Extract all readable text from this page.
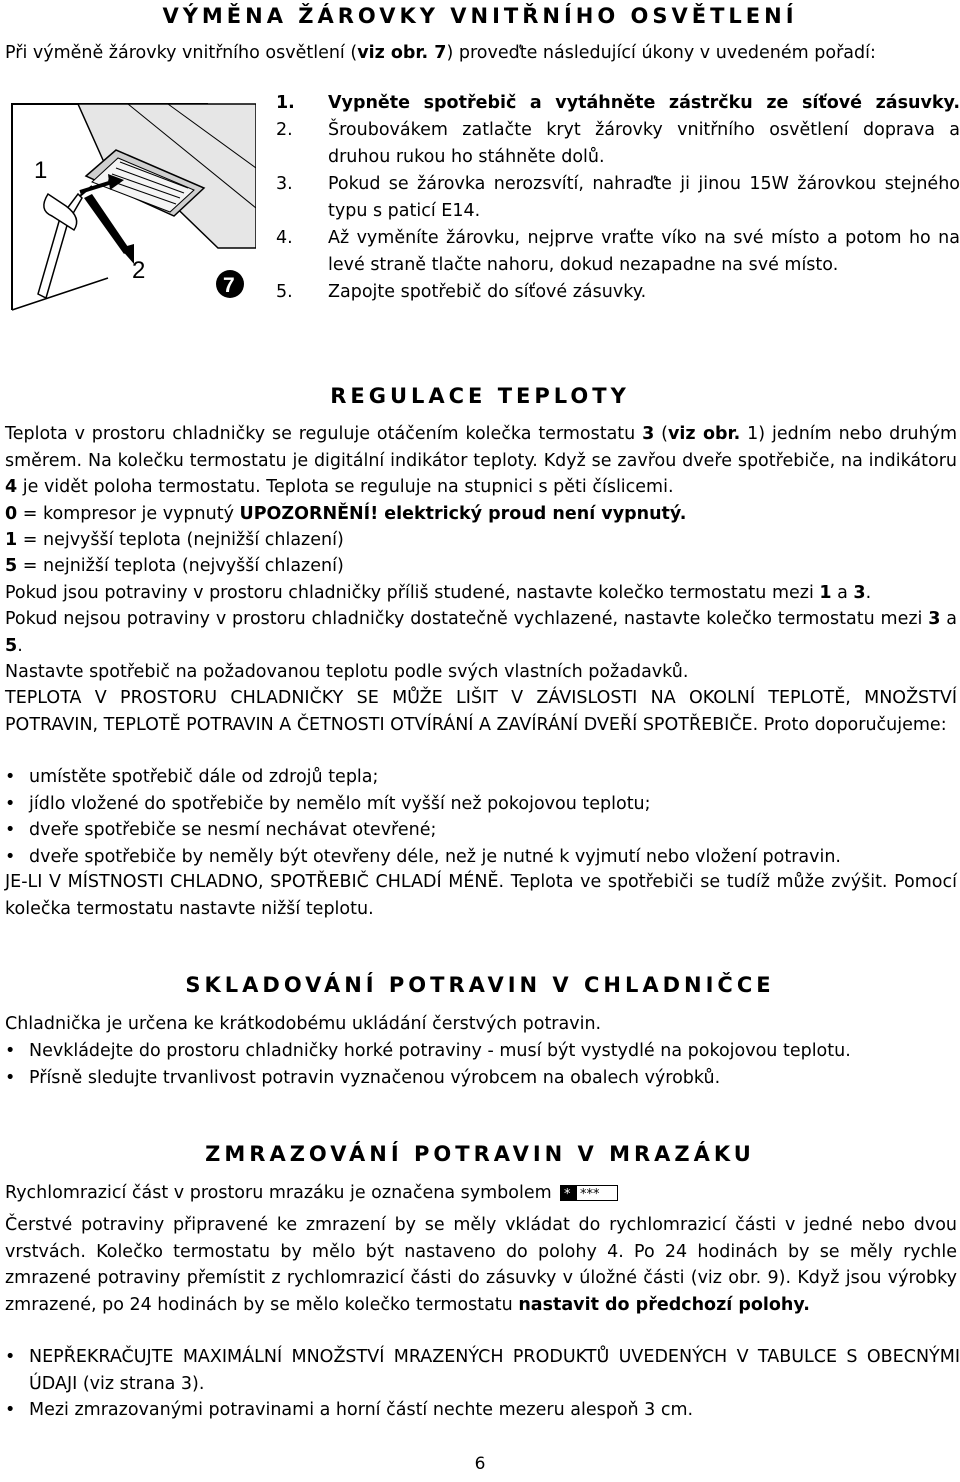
VÝMĚNA ŽÁROVKY VNITŘNÍHO OSVĚTLENÍ

Při výměně žárovky vnitřního osvětlení (viz obr. 7) proveďte následující úkony v uvedeném pořadí:

1
2
7
1. Vypněte spotřebič a vytáhněte zástrčku ze síťové zásuvky.
2. Šroubovákem zatlačte kryt žárovky vnitřního osvětlení doprava a druhou rukou ho stáhněte dolů.
3. Pokud se žárovka nerozsvítí, nahraďte ji jinou 15W žárovkou stejného typu s paticí E14.
4. Až vyměníte žárovku, nejprve vraťte víko na své místo a potom ho na levé straně tlačte nahoru, dokud nezapadne na své místo.
5. Zapojte spotřebič do síťové zásuvky.
REGULACE TEPLOTY

Teplota v prostoru chladničky se reguluje otáčením kolečka termostatu 3 (viz obr. 1) jedním nebo druhým směrem. Na kolečku termostatu je digitální indikátor teploty. Když se zavřou dveře spotřebiče, na indikátoru 4 je vidět poloha termostatu. Teplota se reguluje na stupnici s pěti číslicemi.

0 = kompresor je vypnutý UPOZORNĚNÍ! elektrický proud není vypnutý.

1 = nejvyšší teplota (nejnižší chlazení)

5 = nejnižší teplota (nejvyšší chlazení)

Pokud jsou potraviny v prostoru chladničky příliš studené, nastavte kolečko termostatu mezi 1 a 3.

Pokud nejsou potraviny v prostoru chladničky dostatečně vychlazené, nastavte kolečko termostatu mezi 3 a 5.

Nastavte spotřebič na požadovanou teplotu podle svých vlastních požadavků.

TEPLOTA V PROSTORU CHLADNIČKY SE MŮŽE LIŠIT V ZÁVISLOSTI NA OKOLNÍ TEPLOTĚ, MNOŽSTVÍ POTRAVIN, TEPLOTĚ POTRAVIN A ČETNOSTI OTVÍRÁNÍ A ZAVÍRÁNÍ DVEŘÍ SPOTŘEBIČE. Proto doporučujeme:

• umístěte spotřebič dále od zdrojů tepla;
• jídlo vložené do spotřebiče by nemělo mít vyšší než pokojovou teplotu;
• dveře spotřebiče se nesmí nechávat otevřené;
• dveře spotřebiče by neměly být otevřeny déle, než je nutné k vyjmutí nebo vložení potravin.

JE-LI V MÍSTNOSTI CHLADNO, SPOTŘEBIČ CHLADÍ MÉNĚ. Teplota ve spotřebiči se tudíž může zvýšit. Pomocí kolečka termostatu nastavte nižší teplotu.

SKLADOVÁNÍ POTRAVIN V CHLADNIČCE

Chladnička je určena ke krátkodobému ukládání čerstvých potravin.

• Nevkládejte do prostoru chladničky horké potraviny - musí být vystydlé na pokojovou teplotu.
• Přísně sledujte trvanlivost potravin vyznačenou výrobcem na obalech výrobků.
ZMRAZOVÁNÍ POTRAVIN V MRAZÁKU

Rychlomrazicí část v prostoru mrazáku je označena symbolem * ***

Čerstvé potraviny připravené ke zmrazení by se měly vkládat do rychlomrazicí části v jedné nebo dvou vrstvách. Kolečko termostatu by mělo být nastaveno do polohy 4. Po 24 hodinách by se měly rychle zmrazené potraviny přemístit z rychlomrazicí části do zásuvky v úložné části (viz obr. 9). Když jsou výrobky zmrazené, po 24 hodinách by se mělo kolečko termostatu nastavit do předchozí polohy.

• NEPŘEKRAČUJTE MAXIMÁLNÍ MNOŽSTVÍ MRAZENÝCH PRODUKTŮ UVEDENÝCH V TABULCE S OBECNÝMI ÚDAJI (viz strana 3).
• Mezi zmrazovanými potravinami a horní částí nechte mezeru alespoň 3 cm.
6
